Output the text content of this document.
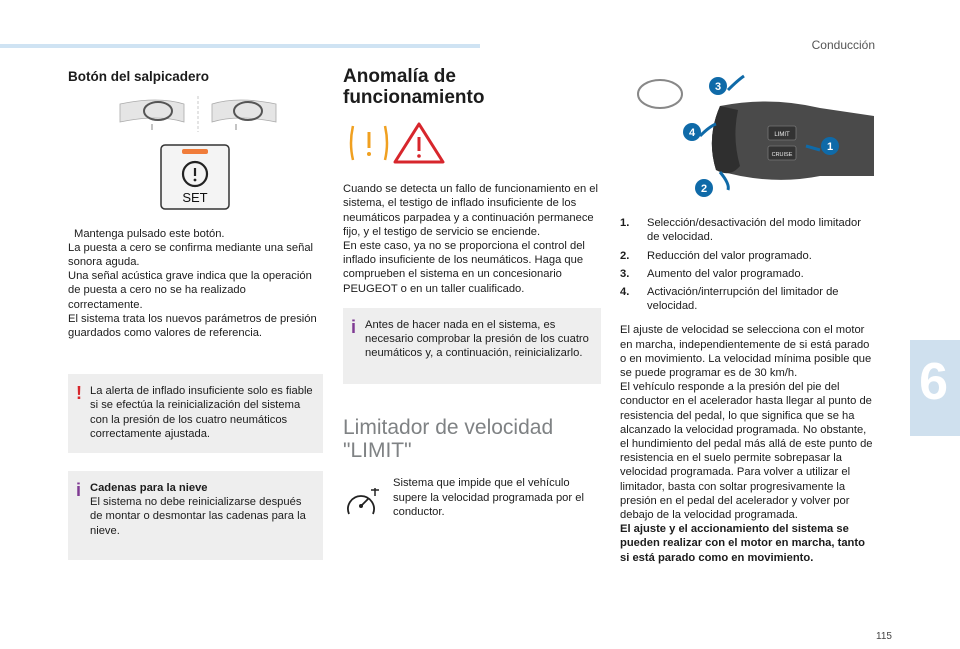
Conducción
6
115
Botón del salpicadero

SET
Mantenga pulsado este botón.

La puesta a cero se confirma mediante una señal sonora aguda.

Una señal acústica grave indica que la operación de puesta a cero no se ha realizado correctamente.

El sistema trata los nuevos parámetros de presión guardados como valores de referencia.

! La alerta de inflado insuficiente solo es fiable si se efectúa la reinicialización del sistema con la presión de los cuatro neumáticos correctamente ajustada.

i Cadenas para la nieve

El sistema no debe reinicializarse después de montar o desmontar las cadenas para la nieve.

Anomalía de funcionamiento

Cuando se detecta un fallo de funcionamiento en el sistema, el testigo de inflado insuficiente de los neumáticos parpadea y a continuación permanece fijo, y el testigo de servicio se enciende.

En este caso, ya no se proporciona el control del inflado insuficiente de los neumáticos. Haga que comprueben el sistema en un concesionario PEUGEOT o en un taller cualificado.

i Antes de hacer nada en el sistema, es necesario comprobar la presión de los cuatro neumáticos y, a continuación, reinicializarlo.

Limitador de velocidad "LIMIT"

Sistema que impide que el vehículo supere la velocidad programada por el conductor.

LIMIT
CRUISE
3
4
2
1
1.	Selección/desactivación del modo limitador de velocidad.
2.	Reducción del valor programado.
3.	Aumento del valor programado.
4.	Activación/interrupción del limitador de velocidad.

El ajuste de velocidad se selecciona con el motor en marcha, independientemente de si está parado o en movimiento. La velocidad mínima posible que se puede programar es de 30 km/h.

El vehículo responde a la presión del pie del conductor en el acelerador hasta llegar al punto de resistencia del pedal, lo que significa que se ha alcanzado la velocidad programada. No obstante, el hundimiento del pedal más allá de este punto de resistencia en el suelo permite sobrepasar la velocidad programada. Para volver a utilizar el limitador, basta con soltar progresivamente la presión en el pedal del acelerador y volver por debajo de la velocidad programada.

El ajuste y el accionamiento del sistema se pueden realizar con el motor en marcha, tanto si está parado como en movimiento.
